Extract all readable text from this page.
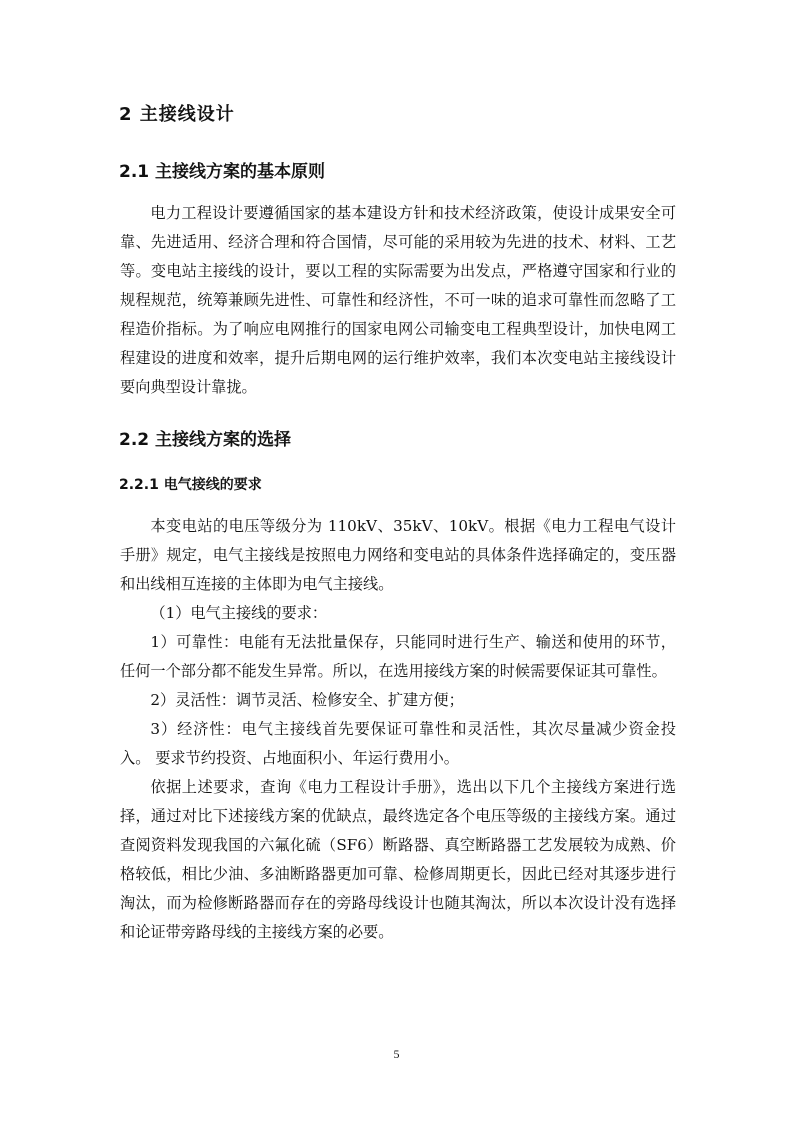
2 主接线设计
2.1 主接线方案的基本原则

电力工程设计要遵循国家的基本建设方针和技术经济政策，使设计成果安全可靠、先进适用、经济合理和符合国情，尽可能的采用较为先进的技术、材料、工艺等。变电站主接线的设计，要以工程的实际需要为出发点，严格遵守国家和行业的规程规范，统筹兼顾先进性、可靠性和经济性，不可一味的追求可靠性而忽略了工程造价指标。为了响应电网推行的国家电网公司输变电工程典型设计，加快电网工程建设的进度和效率，提升后期电网的运行维护效率，我们本次变电站主接线设计要向典型设计靠拢。

2.2 主接线方案的选择
2.2.1 电气接线的要求

本变电站的电压等级分为 110kV、35kV、10kV。根据《电力工程电气设计手册》规定，电气主接线是按照电力网络和变电站的具体条件选择确定的，变压器和出线相互连接的主体即为电气主接线。

（1）电气主接线的要求：

1）可靠性：电能有无法批量保存，只能同时进行生产、输送和使用的环节，任何一个部分都不能发生异常。所以，在选用接线方案的时候需要保证其可靠性。

2）灵活性：调节灵活、检修安全、扩建方便；

3）经济性：电气主接线首先要保证可靠性和灵活性，其次尽量减少资金投入。 要求节约投资、占地面积小、年运行费用小。

依据上述要求，查询《电力工程设计手册》，选出以下几个主接线方案进行选择，通过对比下述接线方案的优缺点，最终选定各个电压等级的主接线方案。通过查阅资料发现我国的六氟化硫（SF6）断路器、真空断路器工艺发展较为成熟、价格较低，相比少油、多油断路器更加可靠、检修周期更长，因此已经对其逐步进行淘汰，而为检修断路器而存在的旁路母线设计也随其淘汰，所以本次设计没有选择和论证带旁路母线的主接线方案的必要。

5
